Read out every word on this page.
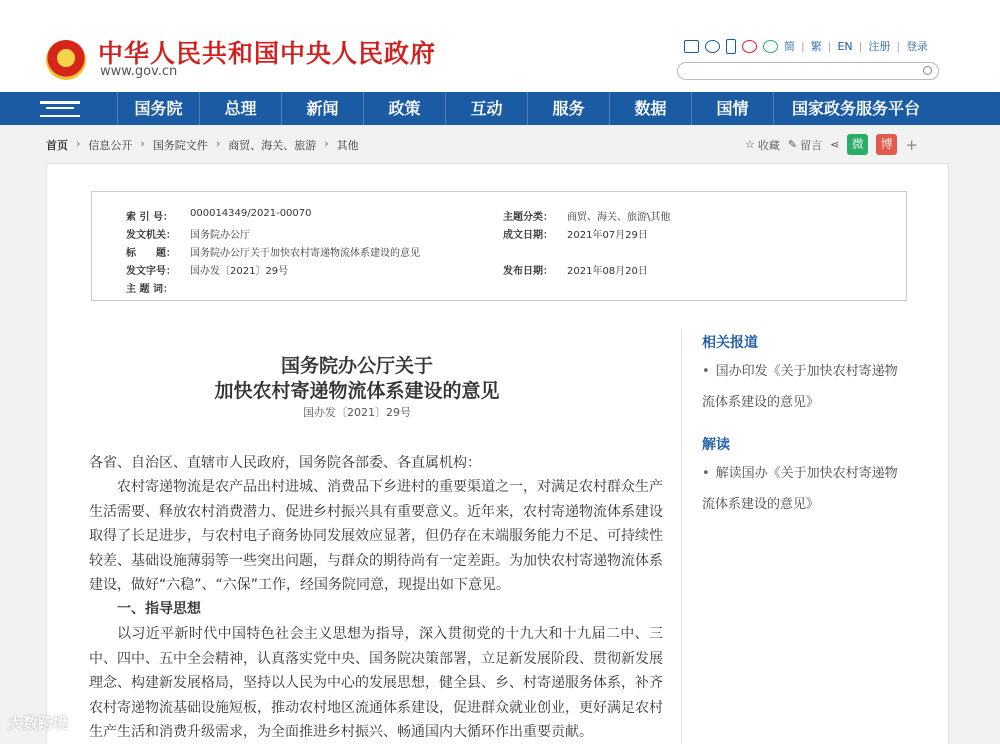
中华人民共和国中央人民政府
www.gov.cn
简 | 繁 | EN | 注册 | 登录
国务院	总理	新闻	政策	互动	服务	数据	国情	国家政务服务平台
首页 › 信息公开 › 国务院文件 › 商贸、海关、旅游 › 其他	☆ 收藏 ✎ 留言 ⋖	微	博 +
索 引 号：	000014349/2021-00070	主题分类：	商贸、海关、旅游\其他
发文机关：	国务院办公厅	成文日期：	2021年07月29日
标　　题：	国务院办公厅关于加快农村寄递物流体系建设的意见
发文字号：	国办发〔2021〕29号	发布日期：	2021年08月20日
主 题 词：
国务院办公厅关于
加快农村寄递物流体系建设的意见
国办发〔2021〕29号
各省、自治区、直辖市人民政府，国务院各部委、各直属机构：
农村寄递物流是农产品出村进城、消费品下乡进村的重要渠道之一，对满足农村群众生产生活需要、释放农村消费潜力、促进乡村振兴具有重要意义。近年来，农村寄递物流体系建设取得了长足进步，与农村电子商务协同发展效应显著，但仍存在末端服务能力不足、可持续性较差、基础设施薄弱等一些突出问题，与群众的期待尚有一定差距。为加快农村寄递物流体系建设，做好“六稳”、“六保”工作，经国务院同意，现提出如下意见。
一、指导思想
以习近平新时代中国特色社会主义思想为指导，深入贯彻党的十九大和十九届二中、三中、四中、五中全会精神，认真落实党中央、国务院决策部署，立足新发展阶段、贯彻新发展理念、构建新发展格局，坚持以人民为中心的发展思想，健全县、乡、村寄递服务体系，补齐农村寄递物流基础设施短板，推动农村地区流通体系建设，促进群众就业创业，更好满足农村生产生活和消费升级需求，为全面推进乡村振兴、畅通国内大循环作出重要贡献。
相关报道
• 国办印发《关于加快农村寄递物流体系建设的意见》
解读
• 解读国办《关于加快农村寄递物流体系建设的意见》
大数跨境
